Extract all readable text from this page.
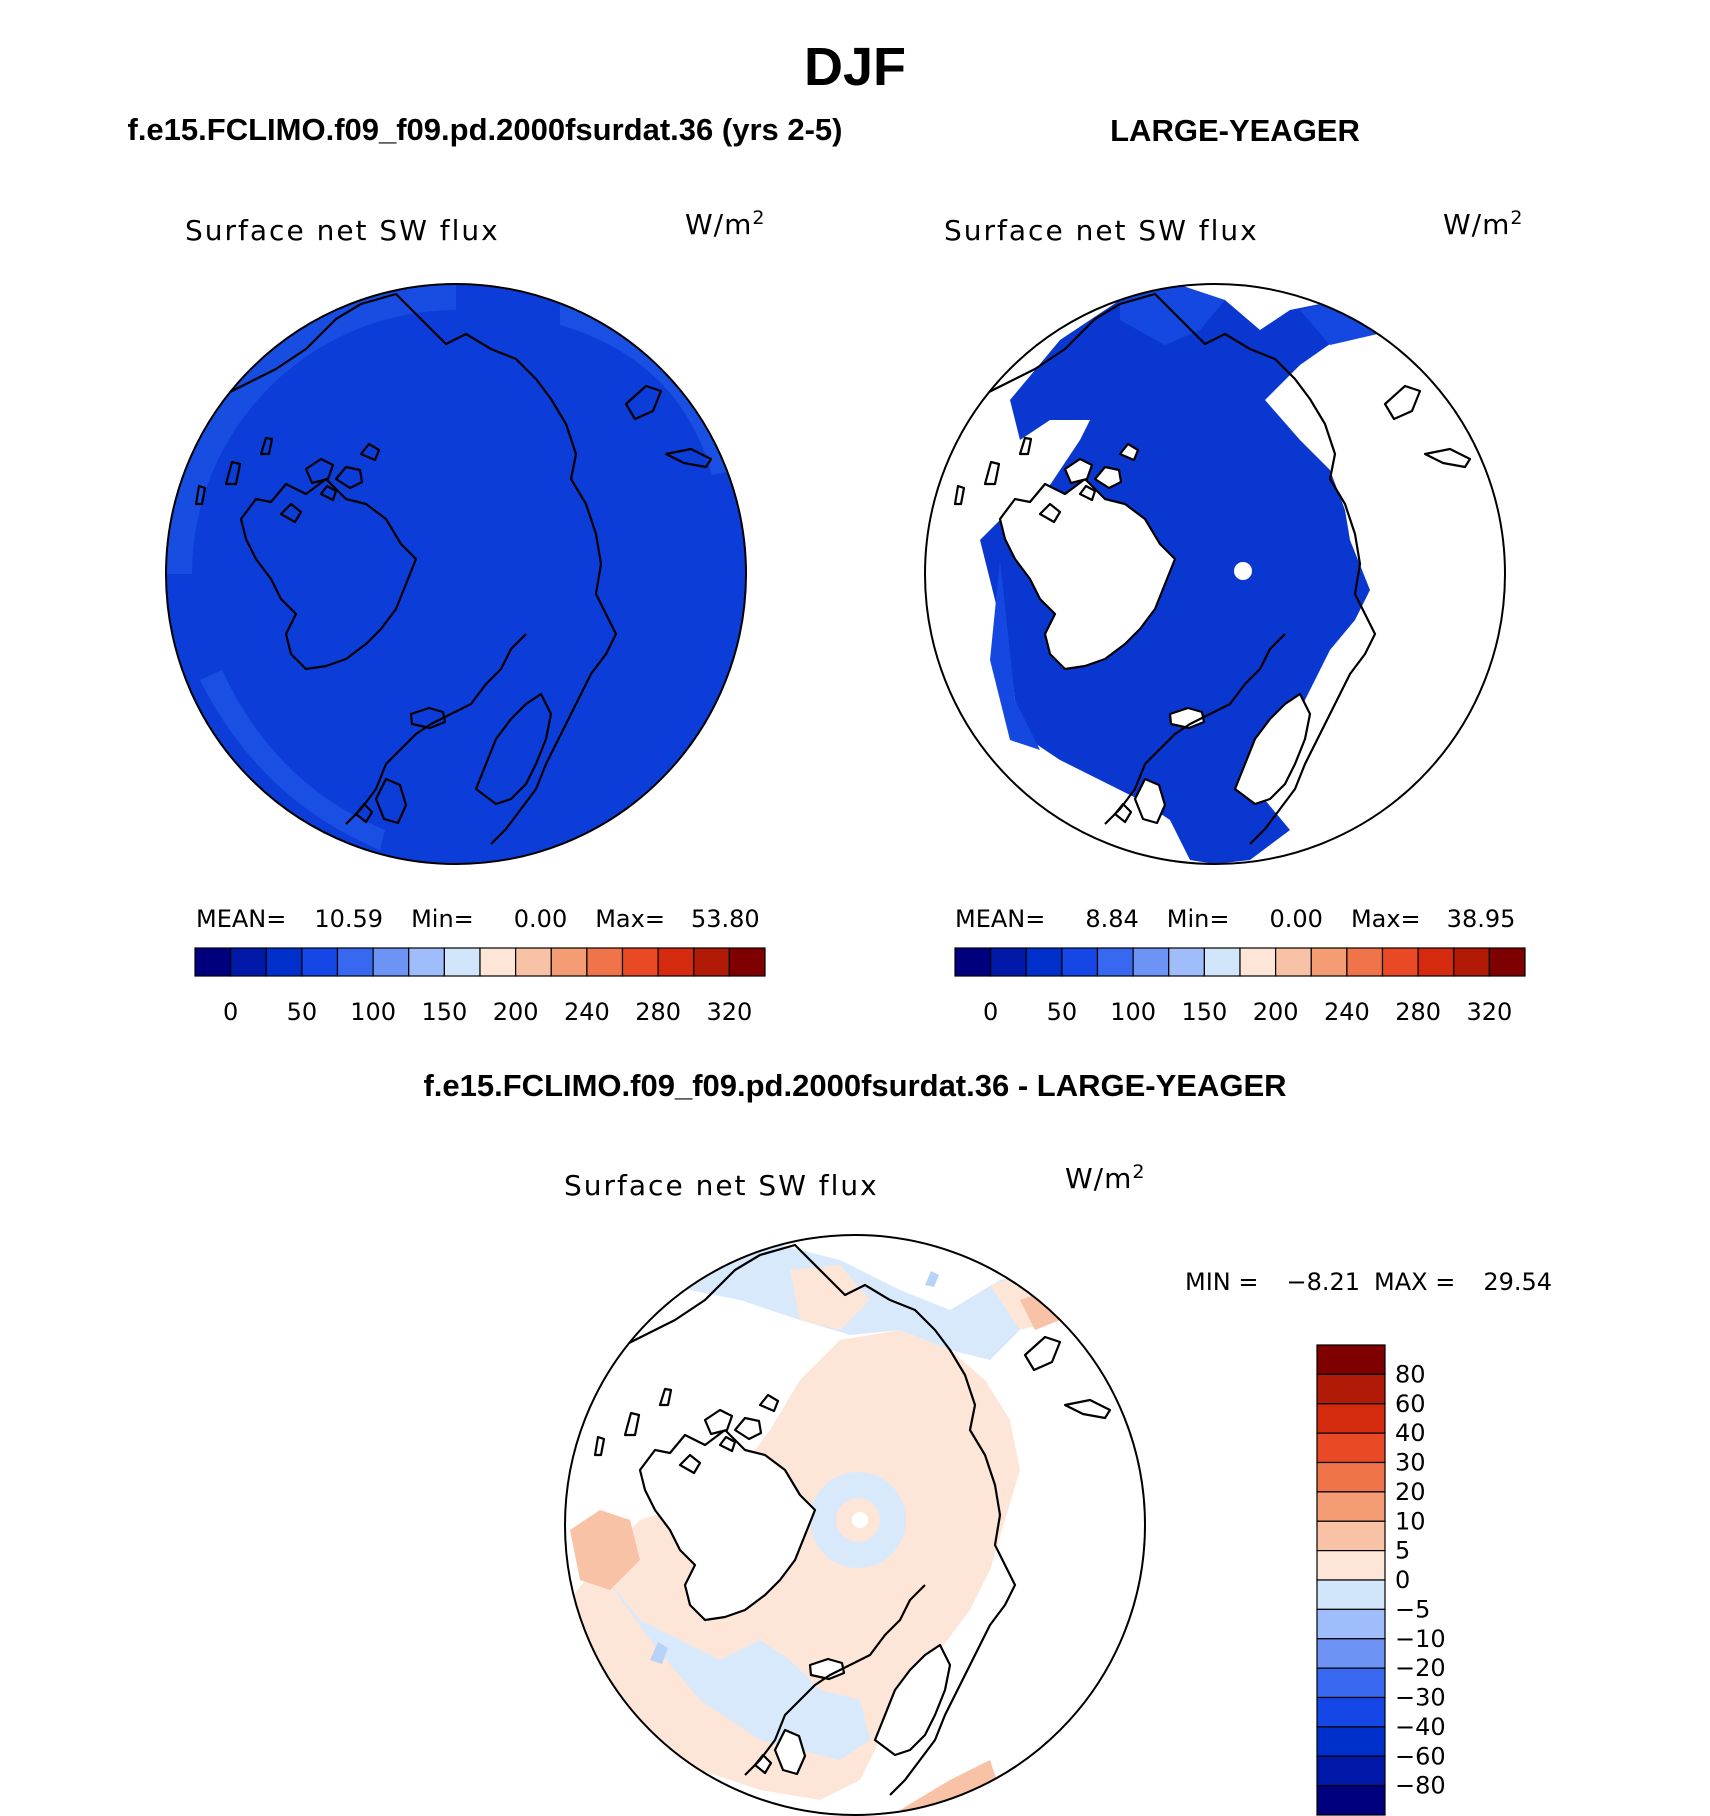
DJF
f.e15.FCLIMO.f09_f09.pd.2000fsurdat.36 (yrs 2-5)	LARGE-YEAGER
f.e15.FCLIMO.f09_f09.pd.2000fsurdat.36 - LARGE-YEAGER
Surface net SW flux	$W/m^2$
MEAN= 10.59 Min= 0.00 Max= 53.80
0 50 100 150 200 240 280 320
Surface net SW flux	$W/m^2$
MEAN= 8.84 Min= 0.00 Max= 38.95
0 50 100 150 200 240 280 320
Surface net SW flux	$W/m^2$
MIN = −8.21 MAX = 29.54
80
60
40
30
20
10
5
0
−5
−10
−20
−30
−40
−60
−80
